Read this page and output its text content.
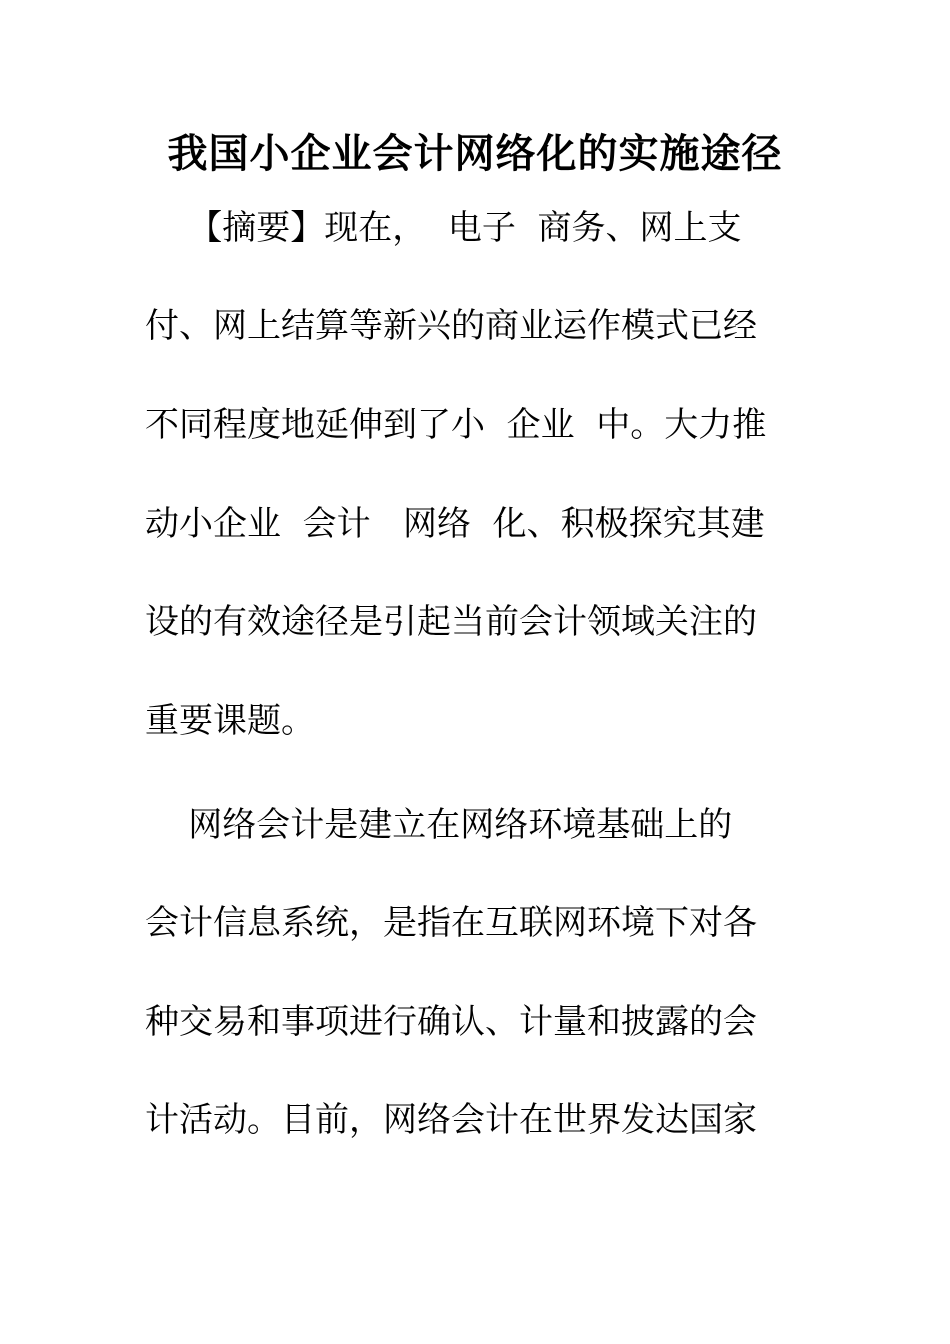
我国小企业会计网络化的实施途径

【摘要】现在，  电子  商务、网上支

付、网上结算等新兴的商业运作模式已经

不同程度地延伸到了小  企业  中。大力推

动小企业  会计   网络  化、积极探究其建

设的有效途径是引起当前会计领域关注的

重要课题。

网络会计是建立在网络环境基础上的

会计信息系统，是指在互联网环境下对各

种交易和事项进行确认、计量和披露的会

计活动。目前，网络会计在世界发达国家
